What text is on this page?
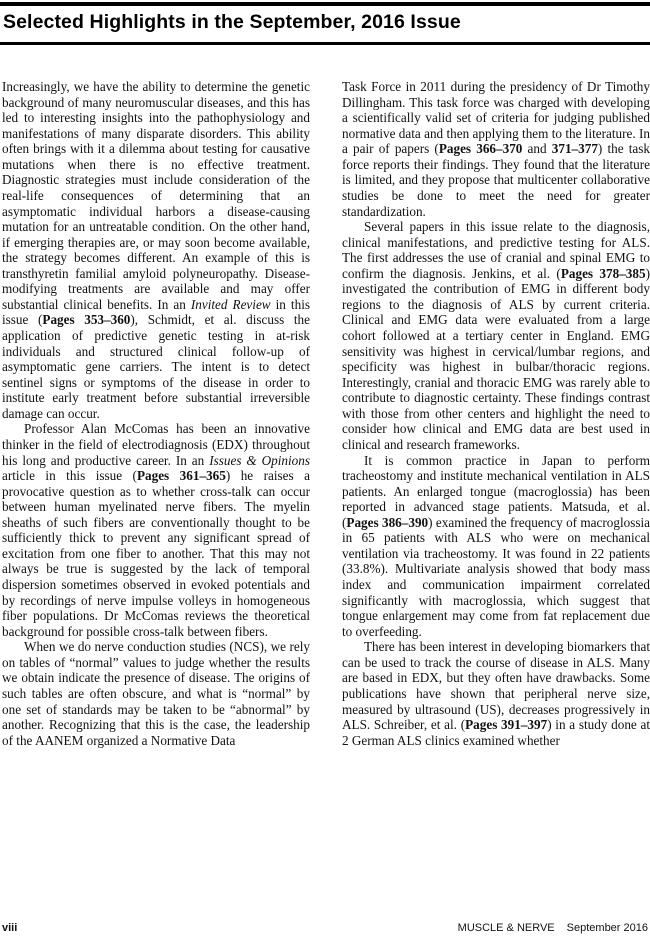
Selected Highlights in the September, 2016 Issue

Increasingly, we have the ability to determine the genetic background of many neuromuscular diseases, and this has led to interesting insights into the pathophysiology and manifestations of many disparate disorders. This ability often brings with it a dilemma about testing for causative mutations when there is no effective treatment. Diagnostic strategies must include consideration of the real-life consequences of determining that an asymptomatic individual harbors a disease-causing mutation for an untreatable condition. On the other hand, if emerging therapies are, or may soon become available, the strategy becomes different. An example of this is transthyretin familial amyloid polyneuropathy. Disease-modifying treatments are available and may offer substantial clinical benefits. In an Invited Review in this issue (Pages 353–360), Schmidt, et al. discuss the application of predictive genetic testing in at-risk individuals and structured clinical follow-up of asymptomatic gene carriers. The intent is to detect sentinel signs or symptoms of the disease in order to institute early treatment before substantial irreversible damage can occur.

Professor Alan McComas has been an innovative thinker in the field of electrodiagnosis (EDX) throughout his long and productive career. In an Issues & Opinions article in this issue (Pages 361–365) he raises a provocative question as to whether cross-talk can occur between human myelinated nerve fibers. The myelin sheaths of such fibers are conventionally thought to be sufficiently thick to prevent any significant spread of excitation from one fiber to another. That this may not always be true is suggested by the lack of temporal dispersion sometimes observed in evoked potentials and by recordings of nerve impulse volleys in homogeneous fiber populations. Dr McComas reviews the theoretical background for possible cross-talk between fibers.

When we do nerve conduction studies (NCS), we rely on tables of “normal” values to judge whether the results we obtain indicate the presence of disease. The origins of such tables are often obscure, and what is “normal” by one set of standards may be taken to be “abnormal” by another. Recognizing that this is the case, the leadership of the AANEM organized a Normative Data

Task Force in 2011 during the presidency of Dr Timothy Dillingham. This task force was charged with developing a scientifically valid set of criteria for judging published normative data and then applying them to the literature. In a pair of papers (Pages 366–370 and 371–377) the task force reports their findings. They found that the literature is limited, and they propose that multicenter collaborative studies be done to meet the need for greater standardization.

Several papers in this issue relate to the diagnosis, clinical manifestations, and predictive testing for ALS. The first addresses the use of cranial and spinal EMG to confirm the diagnosis. Jenkins, et al. (Pages 378–385) investigated the contribution of EMG in different body regions to the diagnosis of ALS by current criteria. Clinical and EMG data were evaluated from a large cohort followed at a tertiary center in England. EMG sensitivity was highest in cervical/lumbar regions, and specificity was highest in bulbar/thoracic regions. Interestingly, cranial and thoracic EMG was rarely able to contribute to diagnostic certainty. These findings contrast with those from other centers and highlight the need to consider how clinical and EMG data are best used in clinical and research frameworks.

It is common practice in Japan to perform tracheostomy and institute mechanical ventilation in ALS patients. An enlarged tongue (macroglossia) has been reported in advanced stage patients. Matsuda, et al. (Pages 386–390) examined the frequency of macroglossia in 65 patients with ALS who were on mechanical ventilation via tracheostomy. It was found in 22 patients (33.8%). Multivariate analysis showed that body mass index and communication impairment correlated significantly with macroglossia, which suggest that tongue enlargement may come from fat replacement due to overfeeding.

There has been interest in developing biomarkers that can be used to track the course of disease in ALS. Many are based in EDX, but they often have drawbacks. Some publications have shown that peripheral nerve size, measured by ultrasound (US), decreases progressively in ALS. Schreiber, et al. (Pages 391–397) in a study done at 2 German ALS clinics examined whether

viii	MUSCLE & NERVE September 2016
